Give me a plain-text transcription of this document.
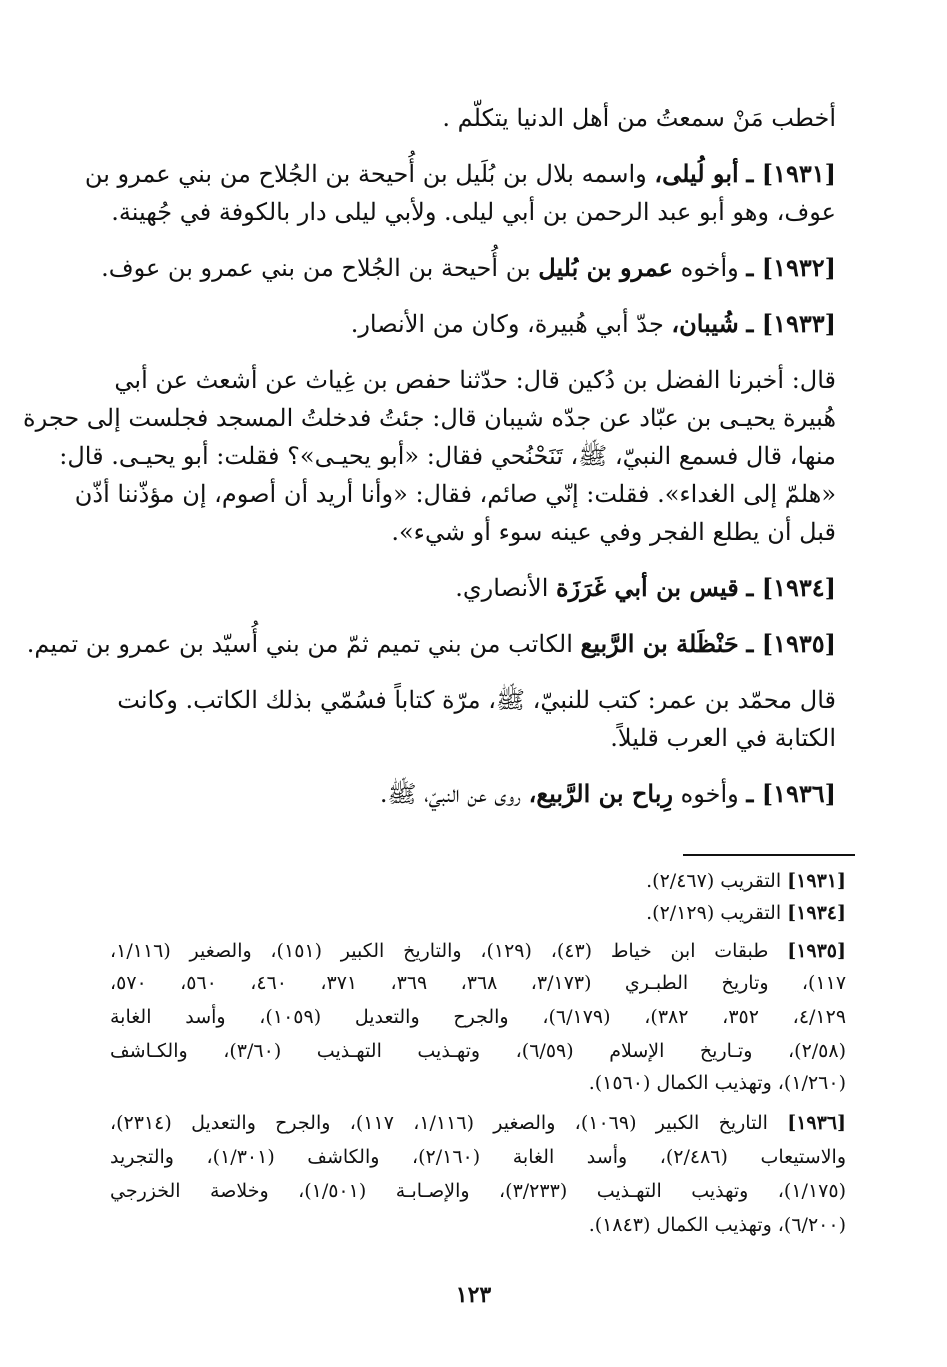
أخطب مَنْ سمعتُ من أهل الدنيا يتكلّم .
[١٩٣١] ـ أبو لُيلى، واسمه بلال بن بُلَيل بن أُحيحة بن الجُلاح من بني عمرو بن
عوف، وهو أبو عبد الرحمن بن أبي ليلى. ولأبي ليلى دار بالكوفة في جُهينة.
[١٩٣٢] ـ وأخوه عمرو بن بُليل بن أُحيحة بن الجُلاح من بني عمرو بن عوف.
[١٩٣٣] ـ شُيبان، جدّ أبي هُبيرة، وكان من الأنصار.
قال: أخبرنا الفضل بن دُكين قال: حدّثنا حفص بن غِياث عن أشعث عن أبي
هُبيرة يحيـى بن عبّاد عن جدّه شيبان قال: جئتُ فدخلتُ المسجد فجلست إلى حجرة
منها، قال فسمع النبيّ، ﷺ، تَنَحْنُحي فقال: «أبو يحيـى»؟ فقلت: أبو يحيـى. قال:
«هلمّ إلى الغداء». فقلت: إنّي صائم، فقال: «وأنا أريد أن أصوم، إن مؤذّننا أذّن
قبل أن يطلع الفجر وفي عينه سوء أو شيء».
[١٩٣٤] ـ قيس بن أبي غَرَزَة الأنصاري.
[١٩٣٥] ـ حَنْظَلة بن الرَّبيع الكاتب من بني تميم ثمّ من بني أُسيّد بن عمرو بن تميم.
قال محمّد بن عمر: كتب للنبيّ، ﷺ، مرّة كتاباً فسُمّي بذلك الكاتب. وكانت
الكتابة في العرب قليلاً.
[١٩٣٦] ـ وأخوه رِباح بن الرَّبيع، روى عن النبيّ، ﷺ.
[١٩٣١] التقريب (٢/٤٦٧).
[١٩٣٤] التقريب (٢/١٢٩).
[١٩٣٥] طبقات ابن خياط (٤٣)، (١٢٩)، والتاريخ الكبير (١٥١)، والصغير (١/١١٦،
١١٧)، وتاريخ الطبـري (٣/١٧٣، ٣٦٨، ٣٦٩، ٣٧١، ٤٦٠، ٥٦٠، ٥٧٠،
٤/١٢٩، ٣٥٢، ٣٨٢)، (٦/١٧٩)، والجرح والتعديل (١٠٥٩)، وأسد الغابة
(٢/٥٨)، وتـاريخ الإسلام (٦/٥٩)، وتهـذيب التهـذيب (٣/٦٠)، والكـاشف
(١/٢٦٠)، وتهذيب الكمال (١٥٦٠).
[١٩٣٦] التاريخ الكبير (١٠٦٩)، والصغير (١/١١٦، ١١٧)، والجرح والتعديل (٢٣١٤)،
والاستيعاب (٢/٤٨٦)، وأسد الغابة (٢/١٦٠)، والكاشف (١/٣٠١)، والتجريد
(١/١٧٥)، وتهذيب التهـذيب (٣/٢٣٣)، والإصـابـة (١/٥٠١)، وخلاصة الخزرجي
(٦/٢٠٠)، وتهذيب الكمال (١٨٤٣).
١٢٣
